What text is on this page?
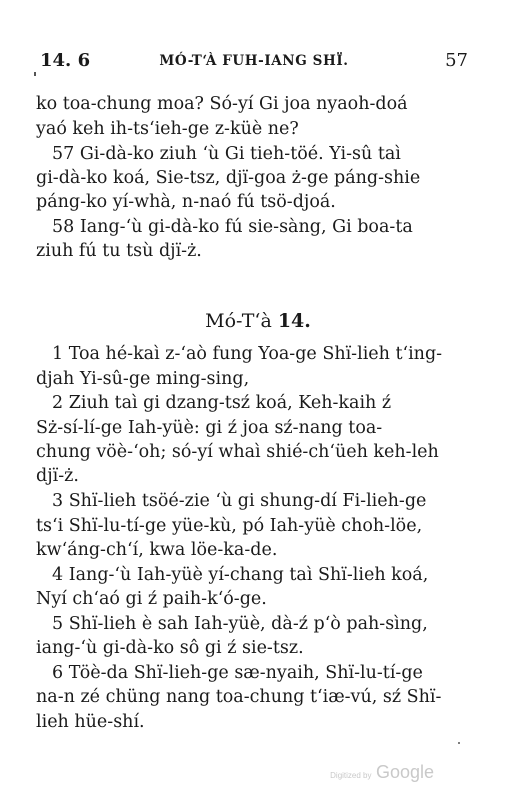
14. 6	MÓ-T‘À FUH-IANG SHÏ.	57
ko toa-chung moa? Só-yí Gi joa nyaoh-doá
yaó keh ih-ts‘ieh-ge z-küè ne?
57 Gi-dà-ko ziuh ‘ù Gi tieh-töé. Yi-sû taì
gi-dà-ko koá, Sie-tsz, djï-goa ż-ge páng-shie
páng-ko yí-whà, n-naó fú tsö-djoá.
58 Iang-‘ù gi-dà-ko fú sie-sàng, Gi boa-ta
ziuh fú tu tsù djï-ż.
Mó-T‘à 14.
1 Toa hé-kaì z-‘aò fung Yoa-ge Shï-lieh t‘ing-
djah Yi-sû-ge ming-sing,
2 Ziuh taì gi dzang-tsź koá, Keh-kaih ź
Sż-sí-lí-ge Iah-yüè: gi ź joa sź-nang toa-
chung vöè-‘oh; só-yí whaì shié-ch‘üeh keh-leh
djï-ż.
3 Shï-lieh tsöé-zie ‘ù gi shung-dí Fi-lieh-ge
ts‘i Shï-lu-tí-ge yüe-kù, pó Iah-yüè choh-löe,
kw‘áng-ch‘í, kwa löe-ka-de.
4 Iang-‘ù Iah-yüè yí-chang taì Shï-lieh koá,
Nyí ch‘aó gi ź paih-k‘ó-ge.
5 Shï-lieh è sah Iah-yüè, dà-ź p‘ò pah-sìng,
iang-‘ù gi-dà-ko sô gi ź sie-tsz.
6 Töè-da Shï-lieh-ge sæ-nyaih, Shï-lu-tí-ge
na-n zé chüng nang toa-chung t‘iæ-vú, sź Shï-
lieh hüe-shí.
Digitized by Google
